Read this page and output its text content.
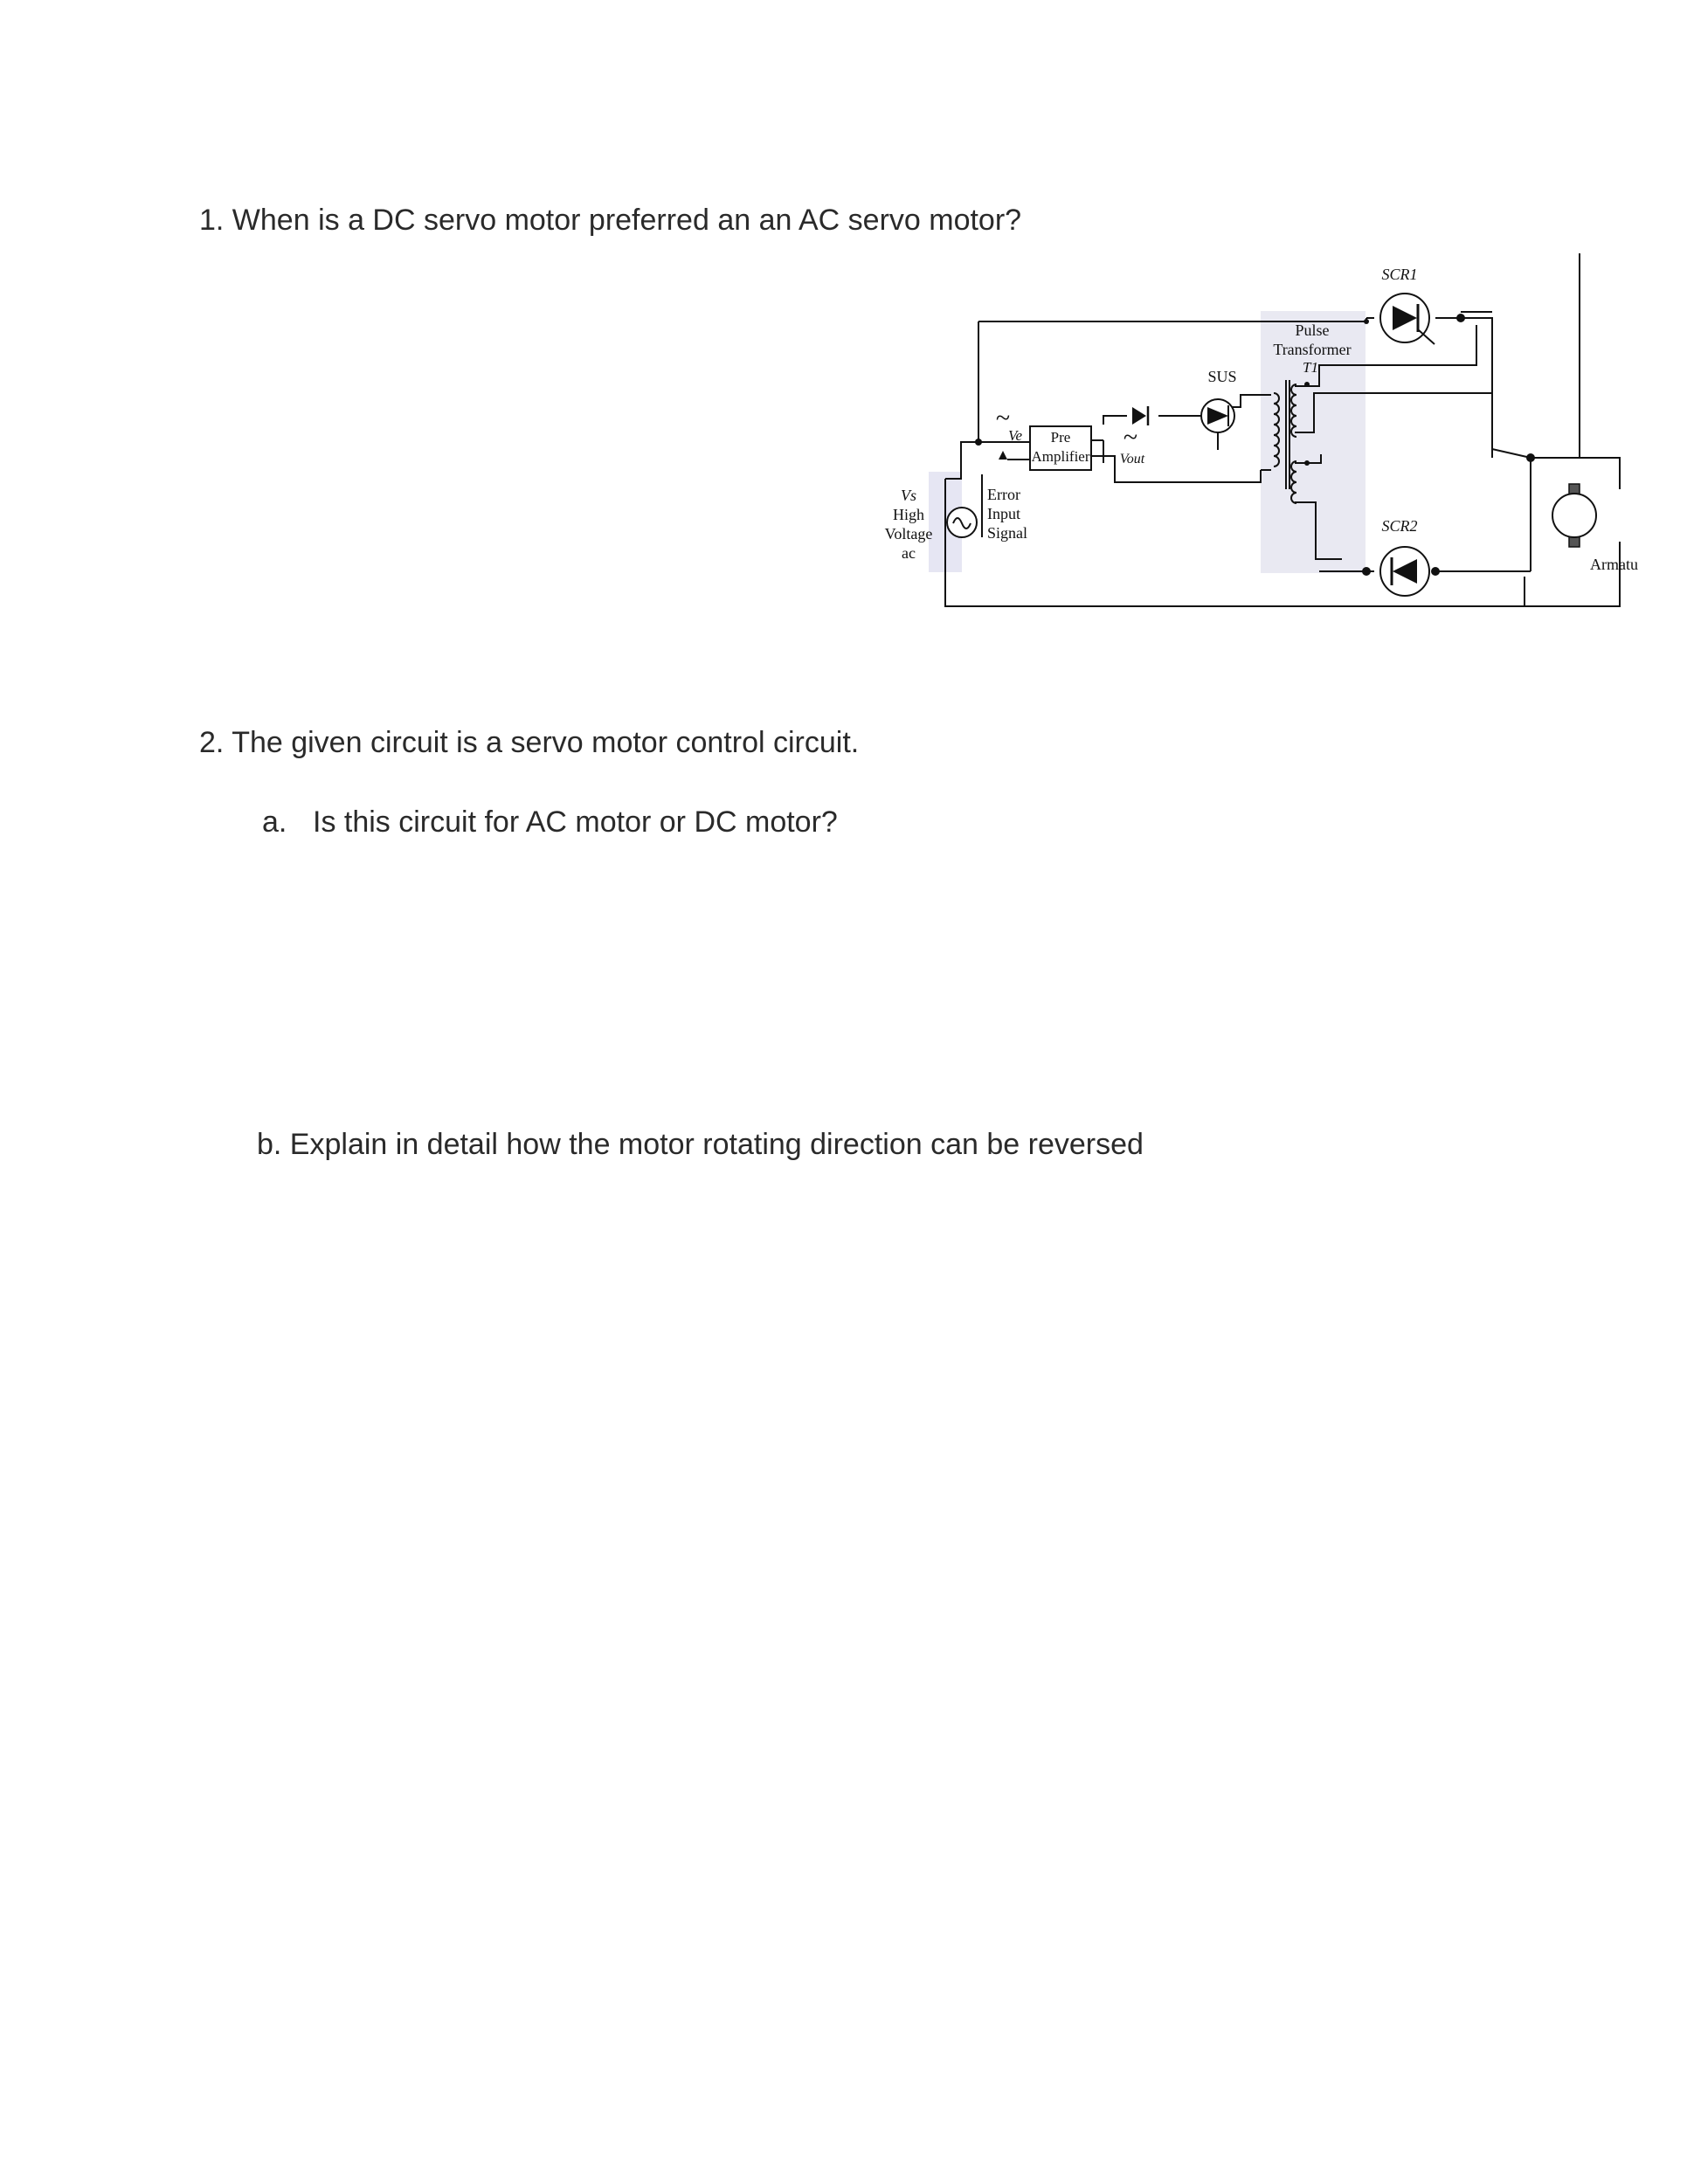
1. When is a DC servo motor preferred an an AC servo motor?
Vs
High
Voltage
ac
~
Ve
Error
Input
Signal
Pre
Amplifier
~
Vout
SUS
Pulse
Transformer
T1
SCR1
SCR2
Armatu
2. The given circuit is a servo motor control circuit.
a. Is this circuit for AC motor or DC motor?
b. Explain in detail how the motor rotating direction can be reversed
